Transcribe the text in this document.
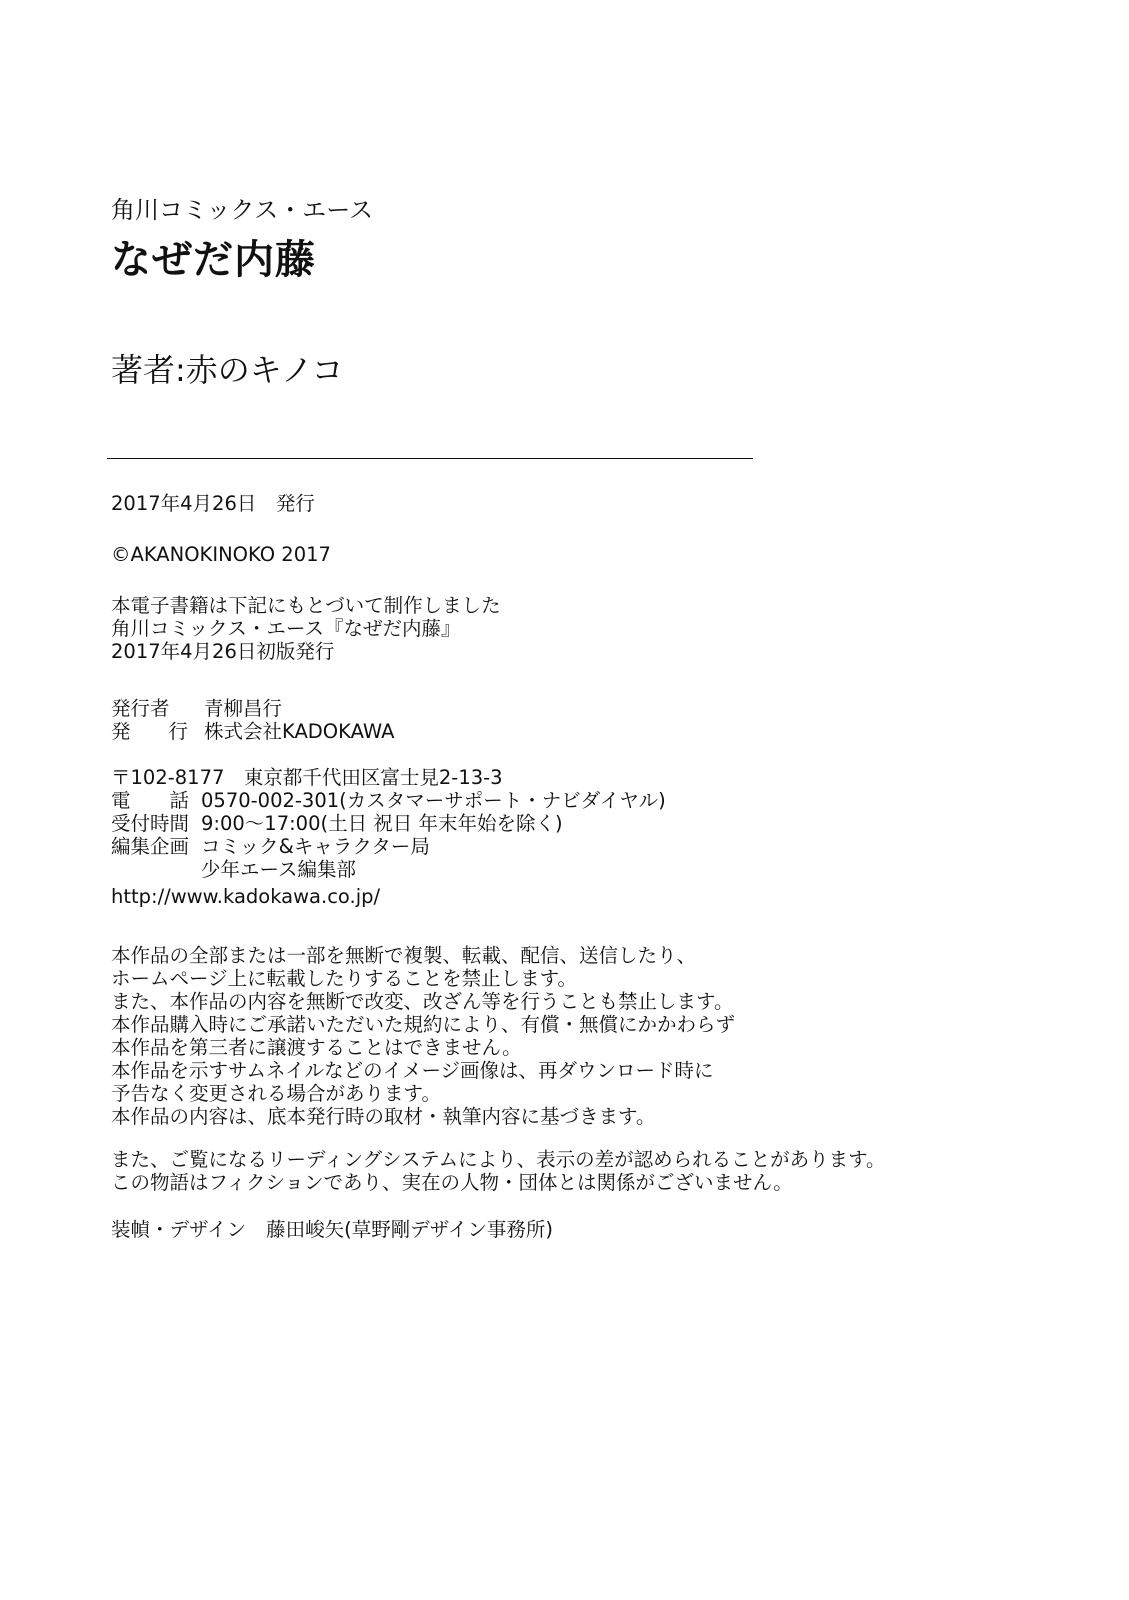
角川コミックス・エース
なぜだ内藤
著者:赤のキノコ
2017年4月26日　発行
©AKANOKINOKO 2017
本電子書籍は下記にもとづいて制作しました
角川コミックス・エース『なぜだ内藤』
2017年4月26日初版発行
発行者	青柳昌行
発 行 株式会社KADOKAWA
〒102-8177　東京都千代田区富士見2-13-3
電 話 0570-002-301(カスタマーサポート・ナビダイヤル)
受付時間 9:00～17:00(土日 祝日 年末年始を除く)
編集企画 コミック&キャラクター局
少年エース編集部
http://www.kadokawa.co.jp/
本作品の全部または一部を無断で複製、転載、配信、送信したり、
ホームページ上に転載したりすることを禁止します。
また、本作品の内容を無断で改変、改ざん等を行うことも禁止します。
本作品購入時にご承諾いただいた規約により、有償・無償にかかわらず
本作品を第三者に譲渡することはできません。
本作品を示すサムネイルなどのイメージ画像は、再ダウンロード時に
予告なく変更される場合があります。
本作品の内容は、底本発行時の取材・執筆内容に基づきます。
また、ご覧になるリーディングシステムにより、表示の差が認められることがあります。
この物語はフィクションであり、実在の人物・団体とは関係がございません。
装幀・デザイン 藤田峻矢(草野剛デザイン事務所)
